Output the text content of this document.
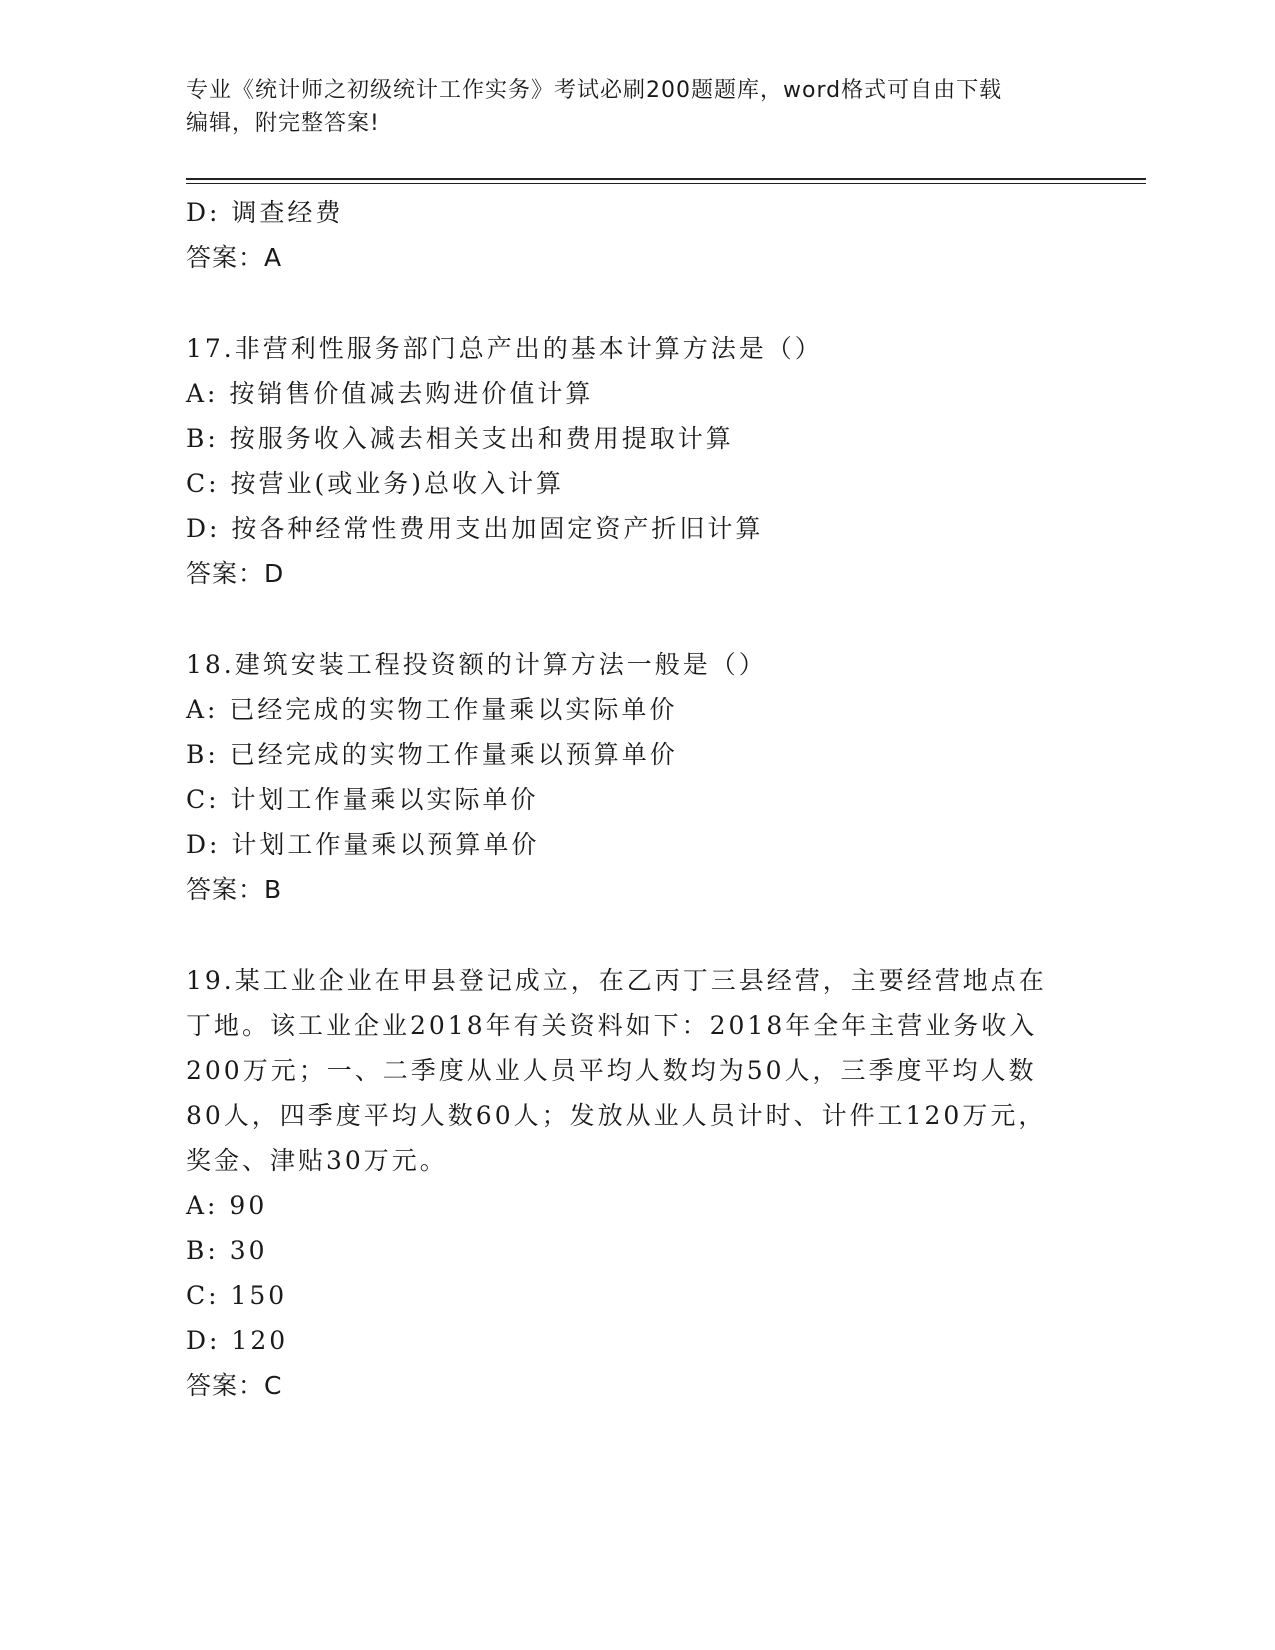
专业《统计师之初级统计工作实务》考试必刷200题题库，word格式可自由下载
编辑，附完整答案!
D: 调查经费
答案：A
17.非营利性服务部门总产出的基本计算方法是（）
A: 按销售价值减去购进价值计算
B: 按服务收入减去相关支出和费用提取计算
C: 按营业(或业务)总收入计算
D: 按各种经常性费用支出加固定资产折旧计算
答案：D
18.建筑安装工程投资额的计算方法一般是（）
A: 已经完成的实物工作量乘以实际单价
B: 已经完成的实物工作量乘以预算单价
C: 计划工作量乘以实际单价
D: 计划工作量乘以预算单价
答案：B
19.某工业企业在甲县登记成立，在乙丙丁三县经营，主要经营地点在
丁地。该工业企业2018年有关资料如下：2018年全年主营业务收入
200万元；一、二季度从业人员平均人数均为50人，三季度平均人数
80人，四季度平均人数60人；发放从业人员计时、计件工120万元，
奖金、津贴30万元。
A: 90
B: 30
C: 150
D: 120
答案：C
